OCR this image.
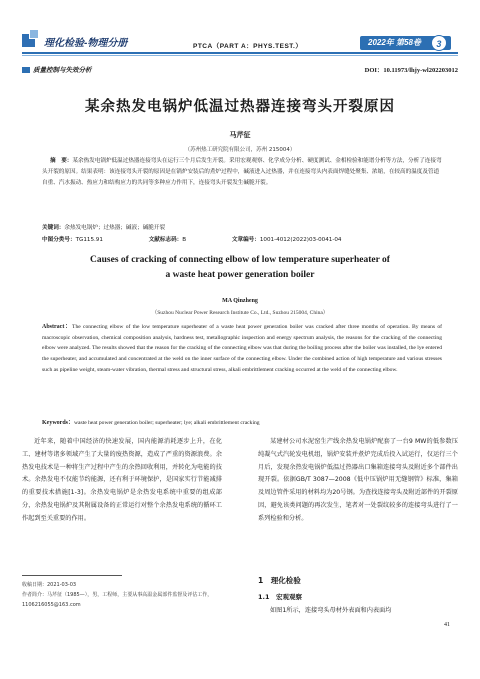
理化检验-物理分册	PTCA（PART A：PHYS.TEST.）	2022年 第58卷	3
质量控制与失效分析	DOI：10.11973/lhjy-wl202203012
某余热发电锅炉低温过热器连接弯头开裂原因
马芹征
（苏州热工研究院有限公司，苏州 215004）
摘　要：某余热发电锅炉低温过热器连接弯头在运行三个月后发生开裂。采用宏观观察、化学成分分析、硬度测试、金相检验和能谱分析等方法，分析了连接弯头开裂的原因。结果表明：该连接弯头开裂的原因是在锅炉安装后的煮炉过程中，碱液进入过热器，并在连接弯头内表面焊缝处聚集、浓缩，在较高的温度及管道自重、汽水振动、热应力和结构应力的共同等多种应力作用下，连接弯头开裂发生碱脆开裂。
关键词：余热发电锅炉；过热器；碱液；碱脆开裂
中图分类号：TG115.91	文献标志码：B	文章编号：1001-4012(2022)03-0041-04
Causes of cracking of connecting elbow of low temperature superheater of
a waste heat power generation boiler
MA Qinzheng
（Suzhou Nuclear Power Research Institute Co., Ltd., Suzhou 215004, China）
Abstract：The connecting elbow of the low temperature superheater of a waste heat power generation boiler was cracked after three months of operation. By means of macroscopic observation, chemical composition analysis, hardness test, metallographic inspection and energy spectrum analysis, the reasons for the cracking of the connecting elbow were analyzed. The results showed that the reason for the cracking of the connecting elbow was that during the boiling process after the boiler was installed, the lye entered the superheater, and accumulated and concentrated at the weld on the inner surface of the connecting elbow. Under the combined action of high temperature and various stresses such as pipeline weight, steam-water vibration, thermal stress and structural stress, alkali embrittlement cracking occurred at the weld of the connecting elbow.
Keywords：waste heat power generation boiler; superheater; lye; alkali embrittlement cracking
近年来，随着中国经济的快速发展，国内能源消耗逐步上升，在化工、建材等诸多领域产生了大量的废热资源，造成了严重的资源浪费。余热发电技术是一种将生产过程中产生的余热回收利用，并转化为电能的技术。余热发电不仅能节约能源，还有利于环境保护，是国家实行节能减排的重要技术措施[1-3]。余热发电锅炉是余热发电系统中重要的组成部分，余热发电锅炉及其附属设备的正常运行对整个余热发电系统的循环工作起到至关重要的作用。
某建材公司水泥窑生产线余热发电锅炉配套了一台9 MW的低参数压纯凝气式汽轮发电机组，锅炉安装并煮炉完成后投入试运行，仅运行三个月后，发现余热发电锅炉低温过热器出口集箱连接弯头及附近多个部件出现开裂。依据GB/T 3087—2008《低中压锅炉用无缝钢管》标准，集箱及周边管件采用的材料均为20号钢。为查找连接弯头及附近部件的开裂原因，避免该类问题的再次发生，笔者对一处裂纹较多的连接弯头进行了一系列检验和分析。
收稿日期：2021-03-03
作者简介：马芹征（1985—），男，工程师，主要从事高温金属部件监督及评估工作，1106216055@163.com
1　理化检验
1.1　宏观观察
如图1所示，连接弯头母材外表面和内表面均
41
